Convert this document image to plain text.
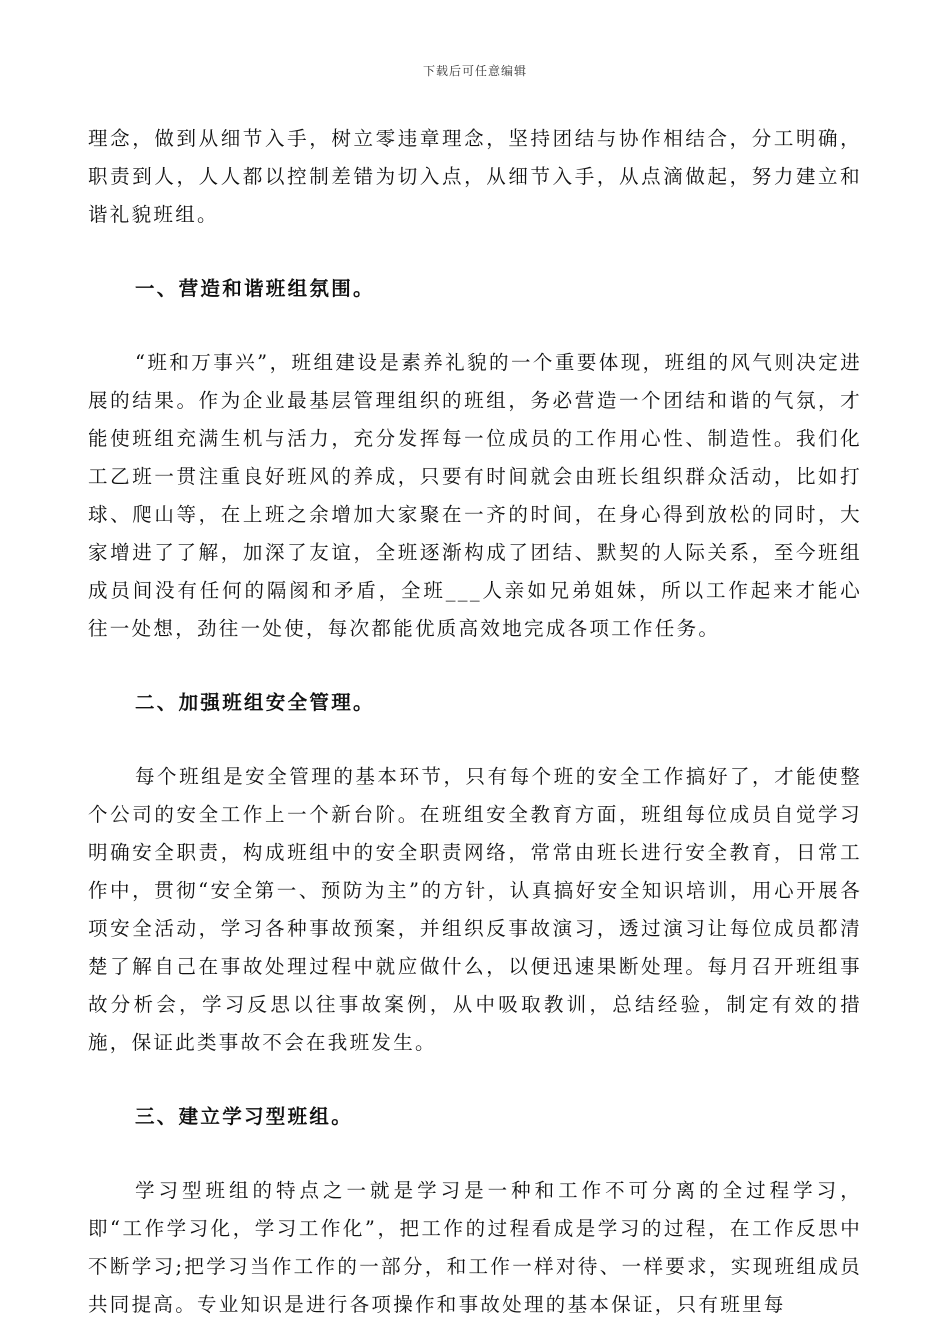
下载后可任意编辑

理念，做到从细节入手，树立零违章理念，坚持团结与协作相结合，分工明确，职责到人，人人都以控制差错为切入点，从细节入手，从点滴做起，努力建立和谐礼貌班组。

一、营造和谐班组氛围。

“班和万事兴”，班组建设是素养礼貌的一个重要体现，班组的风气则决定进展的结果。作为企业最基层管理组织的班组，务必营造一个团结和谐的气氛，才能使班组充满生机与活力，充分发挥每一位成员的工作用心性、制造性。我们化工乙班一贯注重良好班风的养成，只要有时间就会由班长组织群众活动，比如打球、爬山等，在上班之余增加大家聚在一齐的时间，在身心得到放松的同时，大家增进了了解，加深了友谊，全班逐渐构成了团结、默契的人际关系，至今班组成员间没有任何的隔阂和矛盾，全班___人亲如兄弟姐妹，所以工作起来才能心往一处想，劲往一处使，每次都能优质高效地完成各项工作任务。

二、加强班组安全管理。

每个班组是安全管理的基本环节，只有每个班的安全工作搞好了，才能使整个公司的安全工作上一个新台阶。在班组安全教育方面，班组每位成员自觉学习明确安全职责，构成班组中的安全职责网络，常常由班长进行安全教育，日常工作中，贯彻“安全第一、预防为主”的方针，认真搞好安全知识培训，用心开展各项安全活动，学习各种事故预案，并组织反事故演习，透过演习让每位成员都清楚了解自己在事故处理过程中就应做什么，以便迅速果断处理。每月召开班组事故分析会，学习反思以往事故案例，从中吸取教训，总结经验，制定有效的措施，保证此类事故不会在我班发生。

三、建立学习型班组。

学习型班组的特点之一就是学习是一种和工作不可分离的全过程学习，即“工作学习化，学习工作化”，把工作的过程看成是学习的过程，在工作反思中不断学习;把学习当作工作的一部分，和工作一样对待、一样要求，实现班组成员共同提高。专业知识是进行各项操作和事故处理的基本保证，只有班里每
